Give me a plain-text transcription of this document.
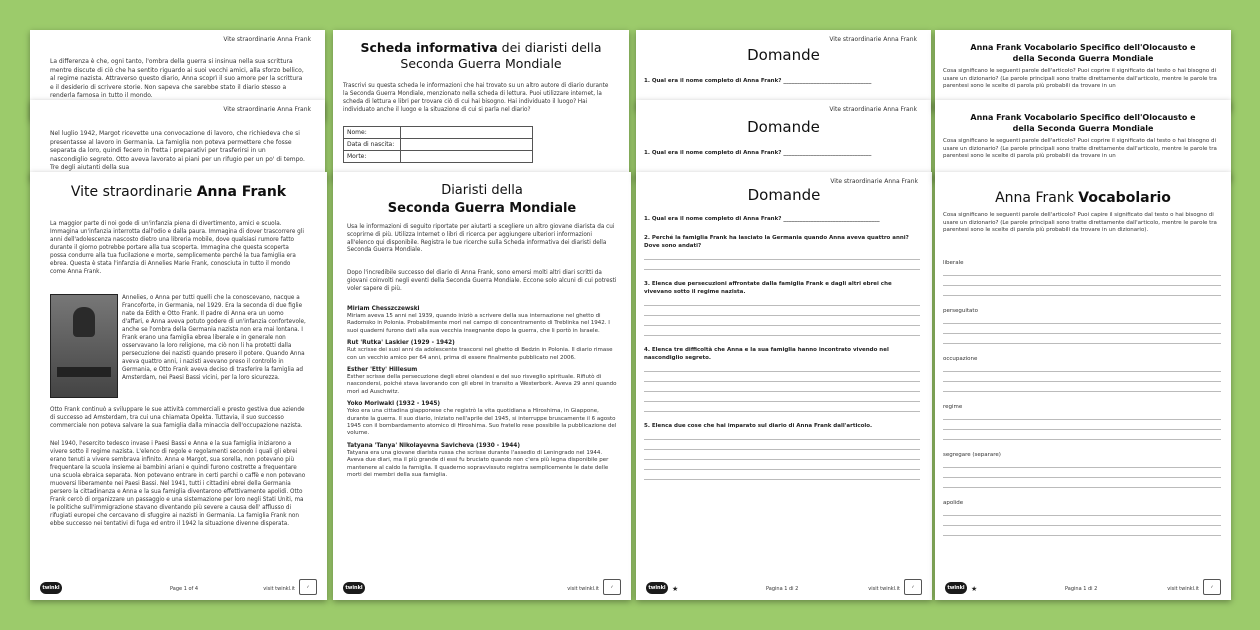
Vite straordinarie Anna Frank
La differenza è che, ogni tanto, l'ombra della guerra si insinua nella sua scrittura mentre discute di ciò che ha sentito riguardo ai suoi vecchi amici, alla sforzo bellico, al regime nazista. Attraverso questo diario, Anna scoprì il suo amore per la scrittura e il desiderio di scrivere storie. Non sapeva che sarebbe stato il diario stesso a renderla famosa in tutto il mondo.
Vite straordinarie Anna Frank
Nel luglio 1942, Margot ricevette una convocazione di lavoro, che richiedeva che si presentasse al lavoro in Germania. La famiglia non poteva permettere che fosse separata da loro, quindi fecero in fretta i preparativi per trasferirsi in un nascondiglio segreto. Otto aveva lavorato ai piani per un rifugio per un po' di tempo. Tre degli aiutanti della sua
Vite straordinarie Anna Frank
La maggior parte di noi gode di un'infanzia piena di divertimento, amici e scuola. Immagina un'infanzia interrotta dall'odio e dalla paura. Immagina di dover trascorrere gli anni dell'adolescenza nascosto dietro una libreria mobile, dove qualsiasi rumore fatto durante il giorno potrebbe portare alla tua scoperta. Immagina che questa scoperta possa condurre alla tua fucilazione e morte, semplicemente perché la tua famiglia era ebrea. Questa è stata l'infanzia di Annelies Marie Frank, conosciuta in tutto il mondo come Anna Frank.
Annelies, o Anna per tutti quelli che la conoscevano, nacque a Francoforte, in Germania, nel 1929. Era la seconda di due figlie nate da Edith e Otto Frank. Il padre di Anna era un uomo d'affari, e Anna aveva potuto godere di un'infanzia confortevole, anche se l'ombra della Germania nazista non era mai lontana. I Frank erano una famiglia ebrea liberale e in generale non osservavano la loro religione, ma ciò non li ha protetti dalla persecuzione dei nazisti quando presero il potere. Quando Anna aveva quattro anni, i nazisti avevano preso il controllo in Germania, e Otto Frank aveva deciso di trasferire la famiglia ad Amsterdam, nei Paesi Bassi vicini, per la loro sicurezza.
Otto Frank continuò a sviluppare le sue attività commerciali e presto gestiva due aziende di successo ad Amsterdam, tra cui una chiamata Opekta. Tuttavia, il suo successo commerciale non poteva salvare la sua famiglia dalla minaccia dell'occupazione nazista.
Nel 1940, l'esercito tedesco invase i Paesi Bassi e Anna e la sua famiglia iniziarono a vivere sotto il regime nazista. L'elenco di regole e regolamenti secondo i quali gli ebrei erano tenuti a vivere sembrava infinito. Anna e Margot, sua sorella, non potevano più frequentare la scuola insieme ai bambini ariani e quindi furono costrette a frequentare una scuola ebraica separata. Non potevano entrare in certi parchi o caffè e non potevano muoversi liberamente nei Paesi Bassi. Nel 1941, tutti i cittadini ebrei della Germania persero la cittadinanza e Anna e la sua famiglia diventarono effettivamente apolidi. Otto Frank cercò di organizzare un passaggio e una sistemazione per loro negli Stati Uniti, ma le politiche sull'immigrazione stavano diventando più severe a causa dell' afflusso di rifugiati europei che cercavano di sfuggire ai nazisti in Germania. La famiglia Frank non ebbe successo nei tentativi di fuga ed entro il 1942 la situazione divenne disperata.
twinkl	Page 1 of 4	visit twinkl.it	✓
Scheda informativa dei diaristi della
Seconda Guerra Mondiale
Trascrivi su questa scheda le informazioni che hai trovato su un altro autore di diario durante la Seconda Guerra Mondiale, menzionato nella scheda di lettura. Puoi utilizzare internet, la scheda di lettura e libri per trovare ciò di cui hai bisogno. Hai individuato il luogo? Hai individuato anche il luogo e la situazione di cui si parla nel diario?
Nome:	
Data di nascita:	
Morte:	
Diaristi della
Seconda Guerra Mondiale
Usa le informazioni di seguito riportate per aiutarti a scegliere un altro giovane diarista da cui scoprirne di più. Utilizza Internet o libri di ricerca per aggiungere ulteriori informazioni all'elenco qui disponibile. Registra le tue ricerche sulla Scheda informativa dei diaristi della Seconda Guerra Mondiale.
Dopo l'incredibile successo del diario di Anna Frank, sono emersi molti altri diari scritti da giovani coinvolti negli eventi della Seconda Guerra Mondiale. Eccone solo alcuni di cui potresti voler sapere di più.
Miriam Chesszczewski
Miriam aveva 15 anni nel 1939, quando iniziò a scrivere della sua internazione nel ghetto di Radomsko in Polonia. Probabilmente morì nel campo di concentramento di Treblinka nel 1942. I suoi quaderni furono dati alla sua vecchia insegnante dopo la guerra, che li portò in Israele.
Rut 'Rutka' Laskier (1929 - 1942)
Rut scrisse dei suoi anni da adolescente trascorsi nel ghetto di Bedzin in Polonia. Il diario rimase con un vecchio amico per 64 anni, prima di essere finalmente pubblicato nel 2006.
Esther 'Etty' Hillesum
Esther scrisse della persecuzione degli ebrei olandesi e del suo risveglio spirituale. Rifiutò di nascondersi, poiché stava lavorando con gli ebrei in transito a Westerbork. Aveva 29 anni quando morì ad Auschwitz.
Yoko Moriwaki (1932 - 1945)
Yoko era una cittadina giapponese che registrò la vita quotidiana a Hiroshima, in Giappone, durante la guerra. Il suo diario, iniziato nell'aprile del 1945, si interruppe bruscamente il 6 agosto 1945 con il bombardamento atomico di Hiroshima. Suo fratello rese possibile la pubblicazione del volume.
Tatyana 'Tanya' Nikolayevna Savicheva (1930 - 1944)
Tatyana era una giovane diarista russa che scrisse durante l'assedio di Leningrado nel 1944. Aveva due diari, ma il più grande di essi fu bruciato quando non c'era più legna disponibile per mantenere al caldo la famiglia. Il quaderno sopravvissuto registra semplicemente le date delle morti dei membri della sua famiglia.
twinkl	visit twinkl.it	✓
Vite straordinarie Anna Frank
Domande
1. Qual era il nome completo di Anna Frank? ________________________________
Vite straordinarie Anna Frank
Domande
1. Qual era il nome completo di Anna Frank? ________________________________
Vite straordinarie Anna Frank
Domande
1. Qual era il nome completo di Anna Frank? ___________________________________
2. Perché la famiglia Frank ha lasciato la Germania quando Anna aveva quattro anni? Dove sono andati?
3. Elenca due persecuzioni affrontate dalla famiglia Frank e dagli altri ebrei che vivevano sotto il regime nazista.
4. Elenca tre difficoltà che Anna e la sua famiglia hanno incontrato vivendo nel nascondiglio segreto.
5. Elenca due cose che hai imparato sul diario di Anna Frank dall'articolo.
twinkl ★	Pagina 1 di 2	visit twinkl.it	✓
Anna Frank Vocabolario Specifico dell'Olocausto e della Seconda Guerra Mondiale
Cosa significano le seguenti parole dell'articolo? Puoi coprire il significato dal testo o hai bisogno di usare un dizionario? (Le parole principali sono tratte direttamente dall'articolo, mentre le parole tra parentesi sono le scelte di parola più probabili da trovare in un
Anna Frank Vocabolario Specifico dell'Olocausto e della Seconda Guerra Mondiale
Cosa significano le seguenti parole dell'articolo? Puoi coprire il significato dal testo o hai bisogno di usare un dizionario? (Le parole principali sono tratte direttamente dall'articolo, mentre le parole tra parentesi sono le scelte di parola più probabili da trovare in un
Anna Frank Vocabolario
Cosa significano le seguenti parole dell'articolo? Puoi capire il significato dal testo o hai bisogno di usare un dizionario? (Le parole principali sono tratte direttamente dall'articolo, mentre le parole tra parentesi sono le scelte di parola più probabili da trovare in un dizionario).
liberale
perseguitato
occupazione
regime
segregare (separare)
apolide
twinkl ★	Pagina 1 di 2	visit twinkl.it	✓
